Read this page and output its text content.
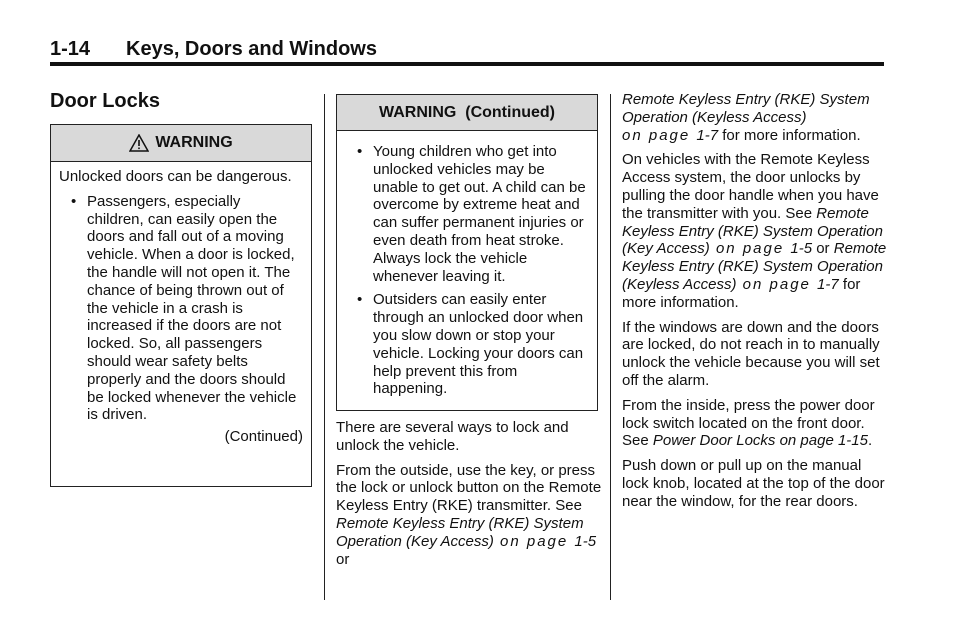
1-14 Keys, Doors and Windows
Door Locks
WARNING

Unlocked doors can be dangerous.

• Passengers, especially children, can easily open the doors and fall out of a moving vehicle. When a door is locked, the handle will not open it. The chance of being thrown out of the vehicle in a crash is increased if the doors are not locked. So, all passengers should wear safety belts properly and the doors should be locked whenever the vehicle is driven.

(Continued)

WARNING  (Continued)
• Young children who get into unlocked vehicles may be unable to get out. A child can be overcome by extreme heat and can suffer permanent injuries or even death from heat stroke. Always lock the vehicle whenever leaving it.
• Outsiders can easily enter through an unlocked door when you slow down or stop your vehicle. Locking your doors can help prevent this from happening.

There are several ways to lock and unlock the vehicle.

From the outside, use the key, or press the lock or unlock button on the Remote Keyless Entry (RKE) transmitter. See Remote Keyless Entry (RKE) System Operation (Key Access) on page 1-5 or

Remote Keyless Entry (RKE) System Operation (Keyless Access)
on page 1-7 for more information.

On vehicles with the Remote Keyless Access system, the door unlocks by pulling the door handle when you have the transmitter with you. See Remote Keyless Entry (RKE) System Operation (Key Access) on page 1-5 or Remote Keyless Entry (RKE) System Operation (Keyless Access) on page 1-7 for more information.

If the windows are down and the doors are locked, do not reach in to manually unlock the vehicle because you will set off the alarm.

From the inside, press the power door lock switch located on the front door. See Power Door Locks on page 1-15.

Push down or pull up on the manual lock knob, located at the top of the door near the window, for the rear doors.
